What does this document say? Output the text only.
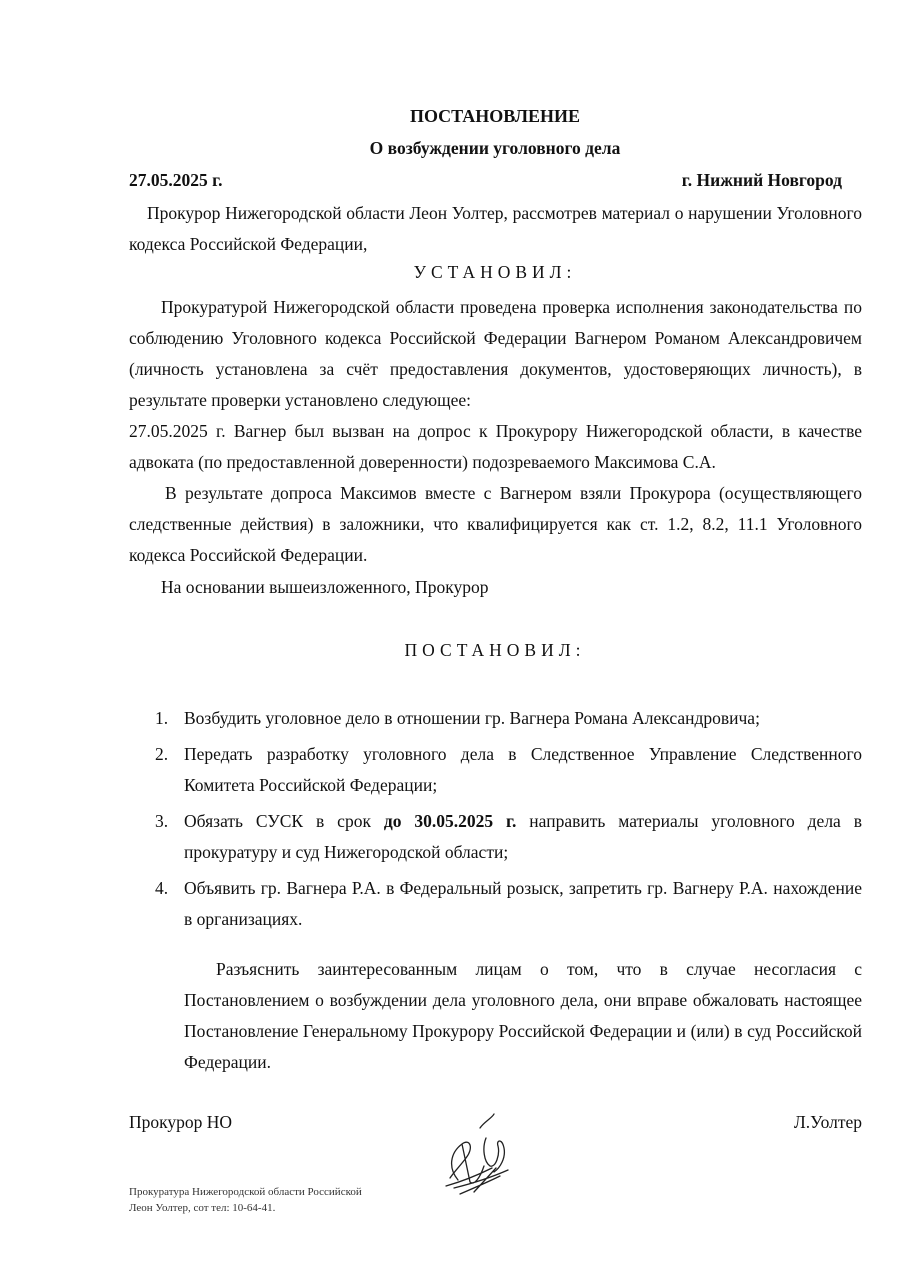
ПОСТАНОВЛЕНИЕ
О возбуждении уголовного дела
27.05.2025 г.	г. Нижний Новгород
Прокурор Нижегородской области Леон Уолтер, рассмотрев материал о нарушении Уголовного кодекса Российской Федерации,
УСТАНОВИЛ:
Прокуратурой Нижегородской области проведена проверка исполнения законодательства по соблюдению Уголовного кодекса Российской Федерации Вагнером Романом Александровичем (личность установлена за счёт предоставления документов, удостоверяющих личность), в результате проверки установлено следующее:
27.05.2025 г. Вагнер был вызван на допрос к Прокурору Нижегородской области, в качестве адвоката (по предоставленной доверенности) подозреваемого Максимова С.А.
В результате допроса Максимов вместе с Вагнером взяли Прокурора (осуществляющего следственные действия) в заложники, что квалифицируется как ст. 1.2, 8.2, 11.1 Уголовного кодекса Российской Федерации.
На основании вышеизложенного, Прокурор
ПОСТАНОВИЛ:
1. Возбудить уголовное дело в отношении гр. Вагнера Романа Александровича;
2. Передать разработку уголовного дела в Следственное Управление Следственного Комитета Российской Федерации;
3. Обязать СУСК в срок до 30.05.2025 г. направить материалы уголовного дела в прокуратуру и суд Нижегородской области;
4. Объявить гр. Вагнера Р.А. в Федеральный розыск, запретить гр. Вагнеру Р.А. нахождение в организациях.
Разъяснить заинтересованным лицам о том, что в случае несогласия с Постановлением о возбуждении дела уголовного дела, они вправе обжаловать настоящее Постановление Генеральному Прокурору Российской Федерации и (или) в суд Российской Федерации.
Прокурор НО	Л.Уолтер
Прокуратура Нижегородской области Российской
Леон Уолтер, сот тел: 10-64-41.
